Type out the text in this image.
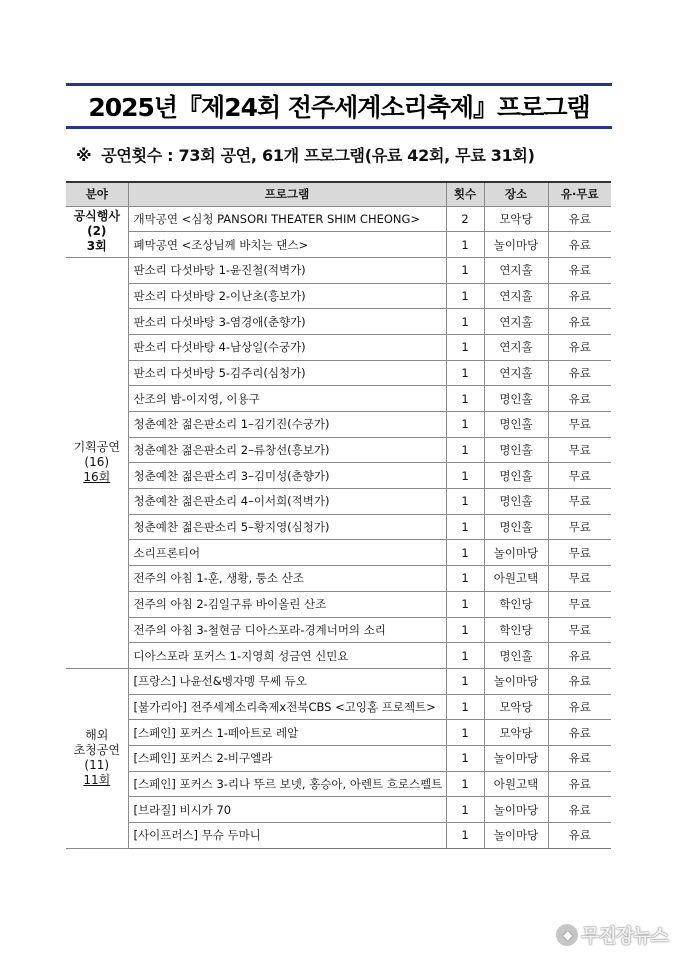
2025년『제24회 전주세계소리축제』프로그램
※ 공연횟수 : 73회 공연, 61개 프로그램(유료 42회, 무료 31회)
분야	프로그램	횟수	장소	유·무료

공식행사
(2)
3회	개막공연 <심청 PANSORI THEATER SHIM CHEONG>	2	모악당	유료
	폐막공연 <조상님께 바치는 댄스>	1	놀이마당	유료

기획공연
(16)
16회	판소리 다섯바탕 1-윤진철(적벽가)	1	연지홀	유료
	판소리 다섯바탕 2-이난초(흥보가)	1	연지홀	유료
	판소리 다섯바탕 3-염경애(춘향가)	1	연지홀	유료
	판소리 다섯바탕 4-남상일(수궁가)	1	연지홀	유료
	판소리 다섯바탕 5-김주리(심청가)	1	연지홀	유료
	산조의 밤-이지영, 이용구	1	명인홀	유료
	청춘예찬 젊은판소리 1–김기진(수궁가)	1	명인홀	무료
	청춘예찬 젊은판소리 2–류창선(흥보가)	1	명인홀	무료
	청춘예찬 젊은판소리 3–김미성(춘향가)	1	명인홀	무료
	청춘예찬 젊은판소리 4–이서희(적벽가)	1	명인홀	무료
	청춘예찬 젊은판소리 5–황지영(심청가)	1	명인홀	무료
	소리프론티어	1	놀이마당	무료
	전주의 아침 1-훈, 생황, 퉁소 산조	1	아원고택	무료
	전주의 아침 2-김일구류 바이올린 산조	1	학인당	무료
	전주의 아침 3-철현금 디아스포라-경계너머의 소리	1	학인당	무료
	디아스포라 포커스 1-지영희 성금연 신민요	1	명인홀	유료

해외
초청공연
(11)
11회	[프랑스] 나윤선&벵자멩 무쎄 듀오	1	놀이마당	유료
	[불가리아] 전주세계소리축제x전북CBS <고잉홈 프로젝트>	1	모악당	유료
	[스페인] 포커스 1-떼아트로 레알	1	모악당	유료
	[스페인] 포커스 2-비구엘라	1	놀이마당	유료
	[스페인] 포커스 3-리나 뚜르 보넷, 홍승아, 아렌트 흐로스펠트	1	아원고택	유료
	[브라질] 비시가 70	1	놀이마당	유료
	[사이프러스] 무슈 두마니	1	놀이마당	유료
◆ 무진장뉴스
